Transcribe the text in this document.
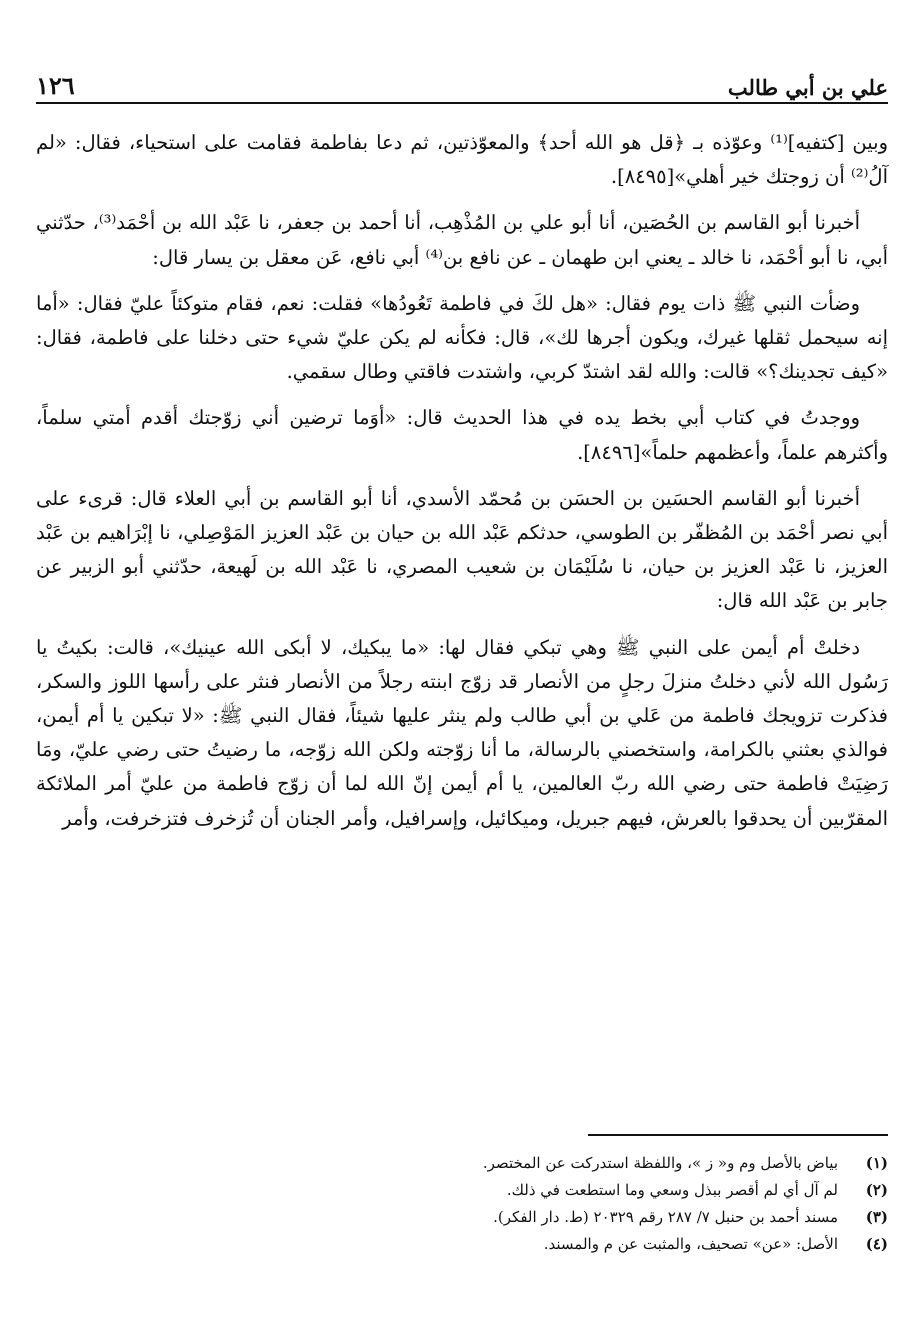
علي بن أبي طالب
١٢٦

وبين [كتفيه]⁽¹⁾ وعوّذه بـ ﴿قل هو الله أحد﴾ والمعوّذتين، ثم دعا بفاطمة فقامت على استحياء، فقال: «لم آلُ⁽²⁾ أن زوجتك خير أهلي»[٨٤٩٥].

أخبرنا أبو القاسم بن الحُصَين، أنا أبو علي بن المُذْهِب، أنا أحمد بن جعفر، نا عَبْد الله بن أحْمَد⁽³⁾، حدّثني أبي، نا أبو أحْمَد، نا خالد ـ يعني ابن طهمان ـ عن نافع بن⁽⁴⁾ أبي نافع، عَن معقل بن يسار قال:

وضأت النبي ﷺ ذات يوم فقال: «هل لكَ في فاطمة تَعُودُها» فقلت: نعم، فقام متوكئاً عليّ فقال: «أما إنه سيحمل ثقلها غيرك، ويكون أجرها لك»، قال: فكأنه لم يكن عليّ شيء حتى دخلنا على فاطمة، فقال: «كيف تجدينك؟» قالت: والله لقد اشتدّ كربي، واشتدت فاقتي وطال سقمي.

ووجدتُ في كتاب أبي بخط يده في هذا الحديث قال: «أوَما ترضين أني زوّجتك أقدم أمتي سلماً، وأكثرهم علماً، وأعظمهم حلماً»[٨٤٩٦].

أخبرنا أبو القاسم الحسَين بن الحسَن بن مُحمّد الأسدي، أنا أبو القاسم بن أبي العلاء قال: قرىء على أبي نصر أحْمَد بن المُظفّر بن الطوسي، حدثكم عَبْد الله بن حيان بن عَبْد العزيز المَوْصِلي، نا إبْرَاهيم بن عَبْد العزيز، نا عَبْد العزيز بن حيان، نا سُلَيْمَان بن شعيب المصري، نا عَبْد الله بن لَهيعة، حدّثني أبو الزبير عن جابر بن عَبْد الله قال:

دخلتْ أم أيمن على النبي ﷺ وهي تبكي فقال لها: «ما يبكيك، لا أبكى الله عينيك»، قالت: بكيتُ يا رَسُول الله لأني دخلتُ منزلَ رجلٍ من الأنصار قد زوّج ابنته رجلاً من الأنصار فنثر على رأسها اللوز والسكر، فذكرت تزويجك فاطمة من عَلي بن أبي طالب ولم ينثر عليها شيئاً، فقال النبي ﷺ: «لا تبكين يا أم أيمن، فوالذي بعثني بالكرامة، واستخصني بالرسالة، ما أنا زوّجته ولكن الله زوّجه، ما رضيتُ حتى رضي عليّ، ومَا رَضِيَتْ فاطمة حتى رضي الله ربّ العالمين، يا أم أيمن إنّ الله لما أن زوّج فاطمة من عليّ أمر الملائكة المقرّبين أن يحدقوا بالعرش، فيهم جبريل، وميكائيل، وإسرافيل، وأمر الجنان أن تُزخرف فتزخرفت، وأمر

(١)
بياض بالأصل وم و« ز »، واللفظة استدركت عن المختصر.
(٢)
لم آل أي لم أقصر ببذل وسعي وما استطعت في ذلك.
(٣)
مسند أحمد بن حنبل ٧/ ٢٨٧ رقم ٢٠٣٢٩ (ط. دار الفكر).
(٤)
الأصل: «عن» تصحيف، والمثبت عن م والمسند.
